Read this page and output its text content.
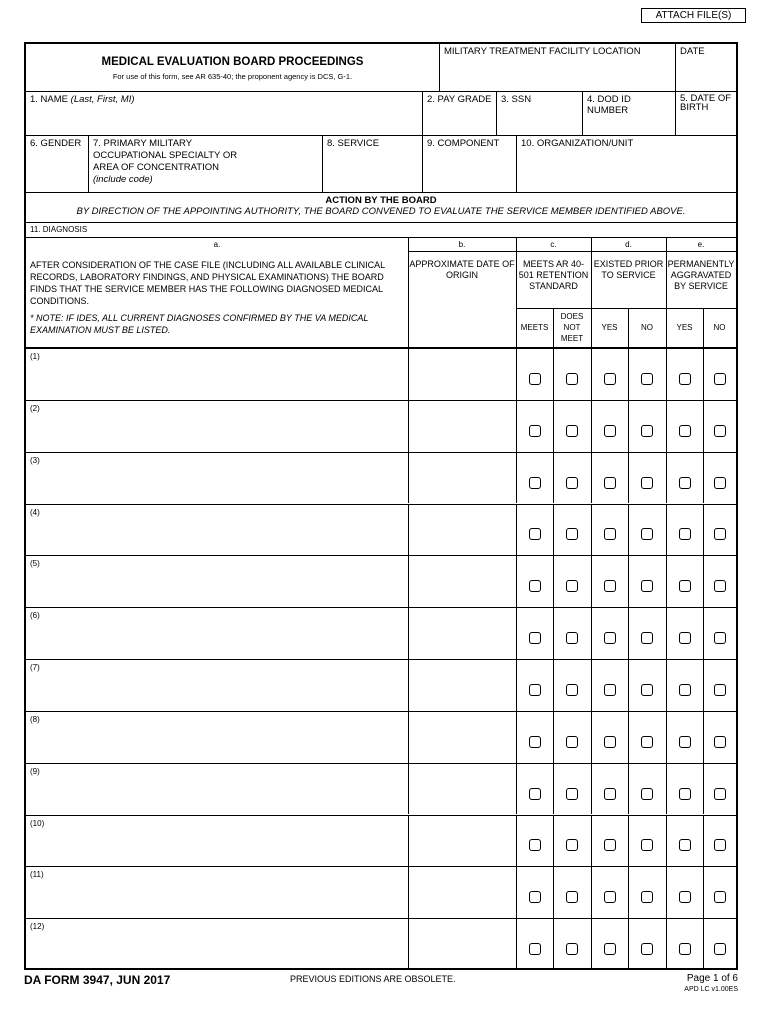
ATTACH FILE(S)
MEDICAL EVALUATION BOARD PROCEEDINGS
For use of this form, see AR 635-40; the proponent agency is DCS, G-1.
MILITARY TREATMENT FACILITY LOCATION	DATE
1. NAME (Last, First, MI)	2. PAY GRADE	3. SSN	4. DOD ID NUMBER
5. DATE OF BIRTH
6. GENDER	7. PRIMARY MILITARY
OCCUPATIONAL SPECIALTY OR
AREA OF CONCENTRATION
(include code)
8. SERVICE	9. COMPONENT	10. ORGANIZATION/UNIT
ACTION BY THE BOARD
BY DIRECTION OF THE APPOINTING AUTHORITY, THE BOARD CONVENED TO EVALUATE THE SERVICE MEMBER IDENTIFIED ABOVE.
11. DIAGNOSIS
a.
AFTER CONSIDERATION OF THE CASE FILE (INCLUDING ALL AVAILABLE CLINICAL RECORDS, LABORATORY FINDINGS, AND PHYSICAL EXAMINATIONS) THE BOARD FINDS THAT THE SERVICE MEMBER HAS THE FOLLOWING DIAGNOSED MEDICAL CONDITIONS.
* NOTE: IF IDES, ALL CURRENT DIAGNOSES CONFIRMED BY THE VA MEDICAL EXAMINATION MUST BE LISTED.
b.
APPROXIMATE DATE OF ORIGIN
c.
MEETS AR 40-501 RETENTION STANDARD
d.
EXISTED PRIOR TO SERVICE
e.
PERMANENTLY AGGRAVATED BY SERVICE
MEETS
DOES NOT MEET
YES	NO	YES	NO
(1)
(2)
(3)
(4)
(5)
(6)
(7)
(8)
(9)
(10)
(11)
(12)
DA FORM 3947, JUN 2017	PREVIOUS EDITIONS ARE OBSOLETE.	Page 1 of 6
APD LC v1.00ES
